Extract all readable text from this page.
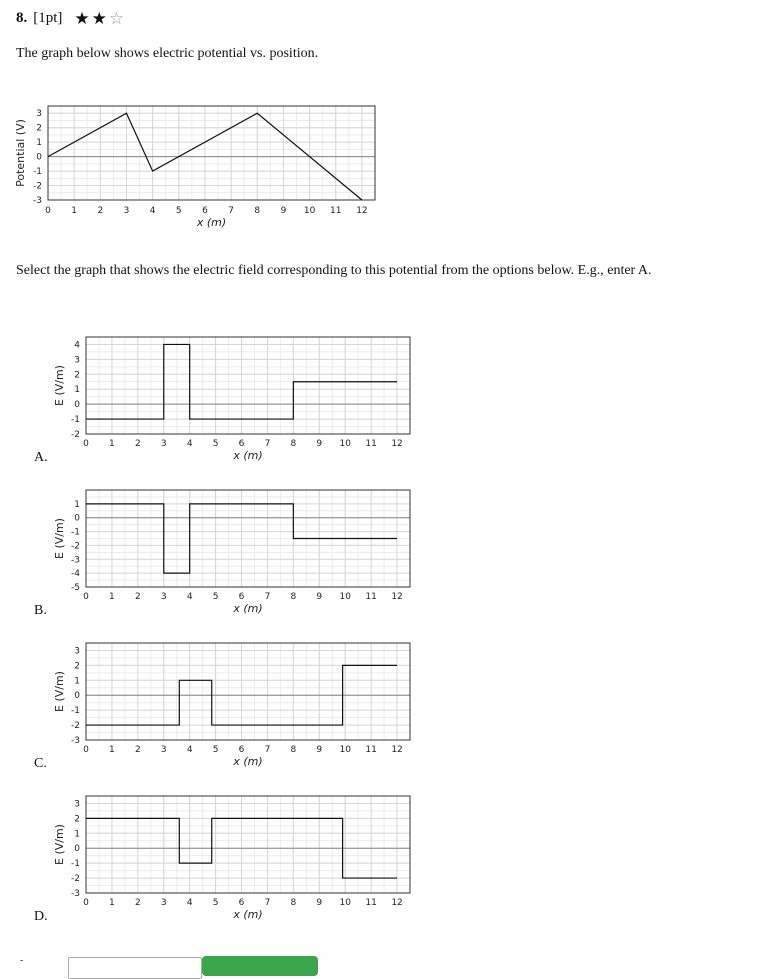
8. [1pt] ★ ★ ☆
The graph below shows electric potential vs. position.
0 1 2 3 4 5 6 7 8 9 10 11 12
3
2
1
0
-1
-2
-3
x (m)
Potential (V)
Select the graph that shows the electric field corresponding to this potential from the options below. E.g., enter A.
0 1 2 3 4 5 6 7 8 9 10 11 12
4
3
2
1
0
-1
-2
x (m)
E (V/m)
A.
0 1 2 3 4 5 6 7 8 9 10 11 12
1
0
-1
-2
-3
-4
-5
x (m)
E (V/m)
B.
0 1 2 3 4 5 6 7 8 9 10 11 12
3
2
1
0
-1
-2
-3
x (m)
E (V/m)
C.
0 1 2 3 4 5 6 7 8 9 10 11 12
3
2
1
0
-1
-2
-3
x (m)
E (V/m)
D.
-
